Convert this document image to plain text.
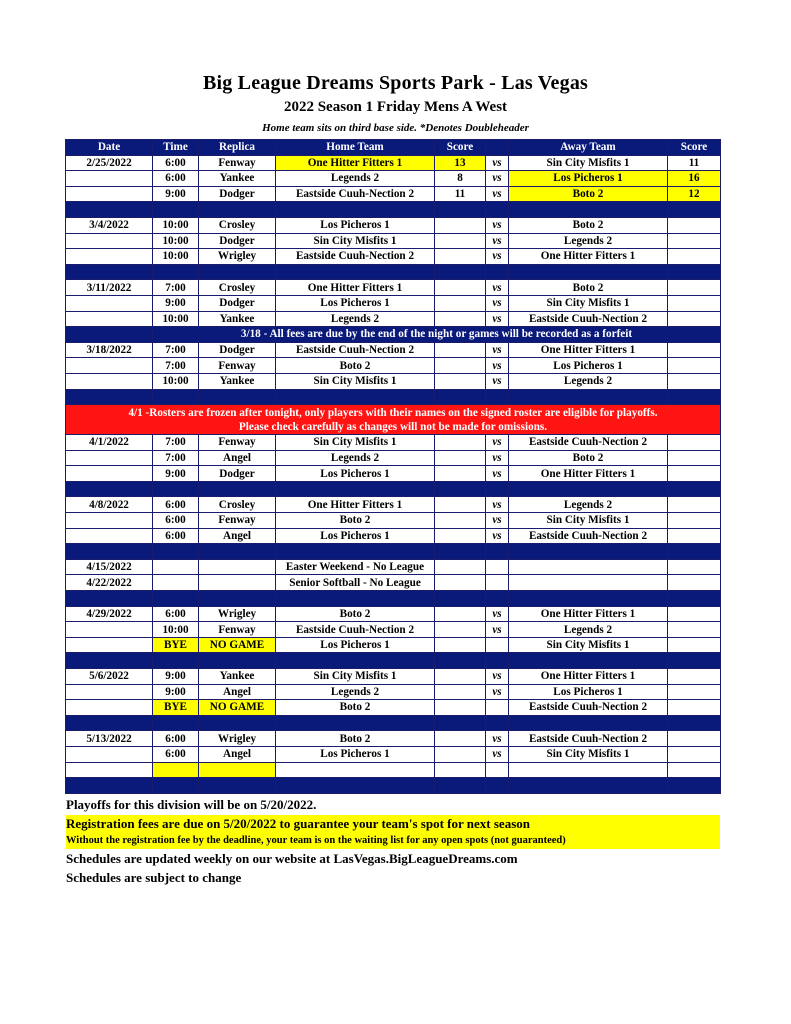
Big League Dreams Sports Park - Las Vegas
2022 Season 1 Friday Mens A West
Home team sits on third base side. *Denotes Doubleheader
Date	Time	Replica	Home Team	Score		Away Team	Score
2/25/2022	6:00	Fenway	One Hitter Fitters 1	13	vs	Sin City Misfits 1	11
	6:00	Yankee	Legends 2	8	vs	Los Picheros 1	16
	9:00	Dodger	Eastside Cuuh-Nection 2	11	vs	Boto 2	12

3/4/2022	10:00	Crosley	Los Picheros 1		vs	Boto 2	
	10:00	Dodger	Sin City Misfits 1		vs	Legends 2	
	10:00	Wrigley	Eastside Cuuh-Nection 2		vs	One Hitter Fitters 1	

3/11/2022	7:00	Crosley	One Hitter Fitters 1		vs	Boto 2	
	9:00	Dodger	Los Picheros 1		vs	Sin City Misfits 1	
	10:00	Yankee	Legends 2		vs	Eastside Cuuh-Nection 2	
	3/18 - All fees are due by the end of the night or games will be recorded as a forfeit						
3/18/2022	7:00	Dodger	Eastside Cuuh-Nection 2		vs	One Hitter Fitters 1	
	7:00	Fenway	Boto 2		vs	Los Picheros 1	
	10:00	Yankee	Sin City Misfits 1		vs	Legends 2	

4/1 -Rosters are frozen after tonight, only players with their names on the signed roster are eligible for playoffs.
Please check carefully as changes will not be made for omissions.							

4/1/2022	7:00	Fenway	Sin City Misfits 1		vs	Eastside Cuuh-Nection 2	
	7:00	Angel	Legends 2		vs	Boto 2	
	9:00	Dodger	Los Picheros 1		vs	One Hitter Fitters 1	

4/8/2022	6:00	Crosley	One Hitter Fitters 1		vs	Legends 2	
	6:00	Fenway	Boto 2		vs	Sin City Misfits 1	
	6:00	Angel	Los Picheros 1		vs	Eastside Cuuh-Nection 2	

4/15/2022			Easter Weekend - No League				
4/22/2022			Senior Softball - No League				

4/29/2022	6:00	Wrigley	Boto 2		vs	One Hitter Fitters 1	
	10:00	Fenway	Eastside Cuuh-Nection 2		vs	Legends 2	
	BYE	NO GAME	Los Picheros 1			Sin City Misfits 1	

5/6/2022	9:00	Yankee	Sin City Misfits 1		vs	One Hitter Fitters 1	
	9:00	Angel	Legends 2		vs	Los Picheros 1	
	BYE	NO GAME	Boto 2			Eastside Cuuh-Nection 2	

5/13/2022	6:00	Wrigley	Boto 2		vs	Eastside Cuuh-Nection 2	
	6:00	Angel	Los Picheros 1		vs	Sin City Misfits 1	

Playoffs for this division will be on 5/20/2022.
Registration fees are due on 5/20/2022 to guarantee your team's spot for next season
Without the registration fee by the deadline, your team is on the waiting list for any open spots (not guaranteed)
Schedules are updated weekly on our website at LasVegas.BigLeagueDreams.com
Schedules are subject to change
